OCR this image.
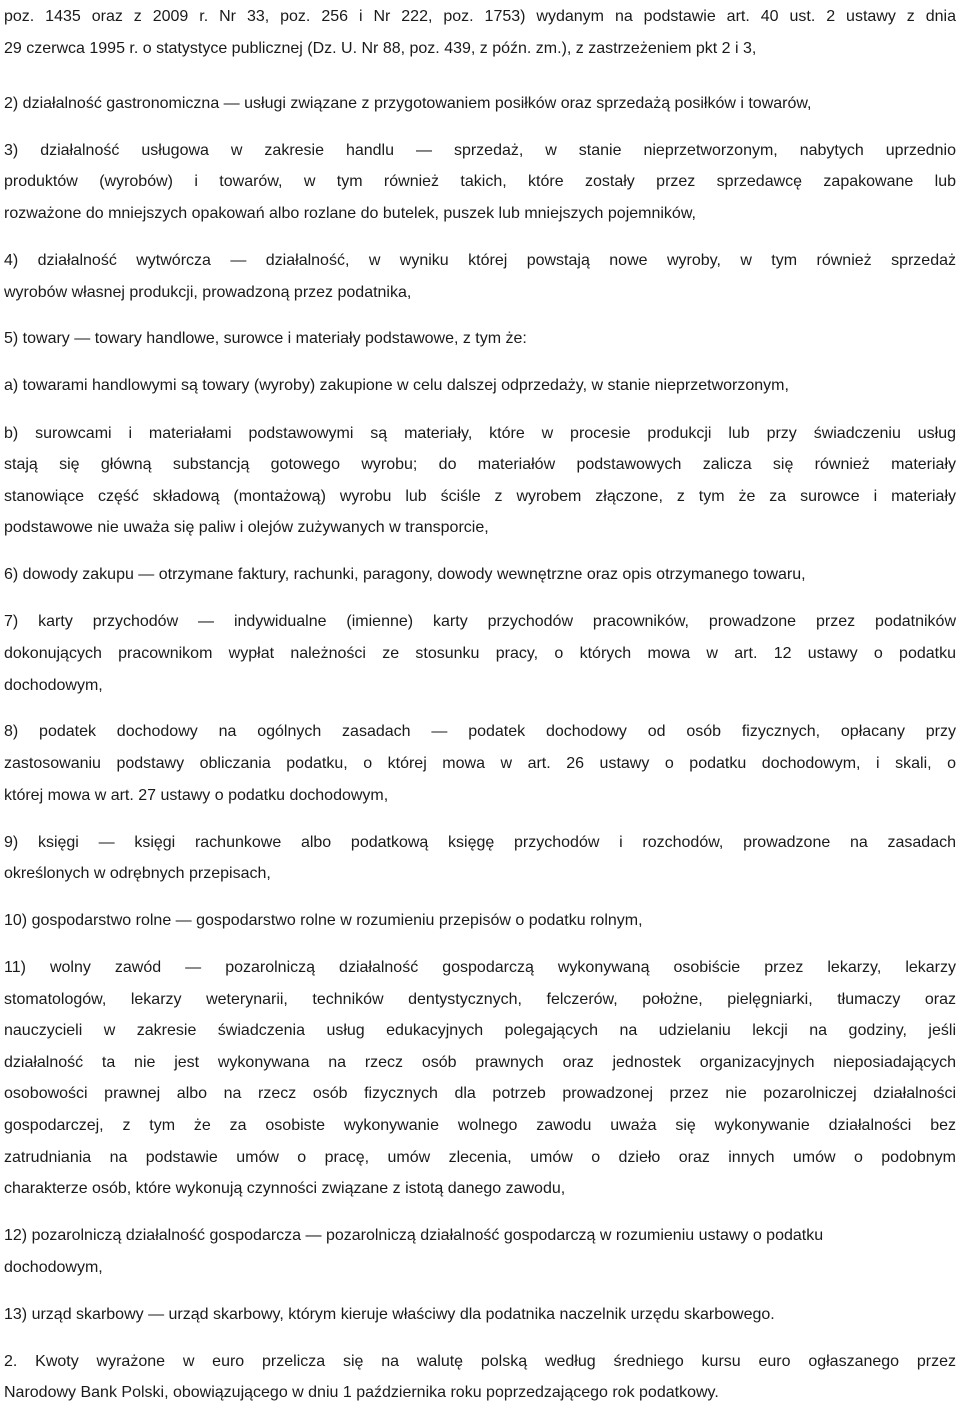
poz. 1435 oraz z 2009 r. Nr 33, poz. 256 i Nr 222, poz. 1753) wydanym na podstawie art. 40 ust. 2 ustawy z dnia
29 czerwca 1995 r. o statystyce publicznej (Dz. U. Nr 88, poz. 439, z późn. zm.), z zastrzeżeniem pkt 2 i 3,
2) działalność gastronomiczna — usługi związane z przygotowaniem posiłków oraz sprzedażą posiłków i towarów,
3) działalność usługowa w zakresie handlu — sprzedaż, w stanie nieprzetworzonym, nabytych uprzednio
produktów (wyrobów) i towarów, w tym również takich, które zostały przez sprzedawcę zapakowane lub
rozważone do mniejszych opakowań albo rozlane do butelek, puszek lub mniejszych pojemników,
4) działalność wytwórcza — działalność, w wyniku której powstają nowe wyroby, w tym również sprzedaż
wyrobów własnej produkcji, prowadzoną przez podatnika,
5) towary — towary handlowe, surowce i materiały podstawowe, z tym że:
a) towarami handlowymi są towary (wyroby) zakupione w celu dalszej odprzedaży, w stanie nieprzetworzonym,
b) surowcami i materiałami podstawowymi są materiały, które w procesie produkcji lub przy świadczeniu usług
stają się główną substancją gotowego wyrobu; do materiałów podstawowych zalicza się również materiały
stanowiące część składową (montażową) wyrobu lub ściśle z wyrobem złączone, z tym że za surowce i materiały
podstawowe nie uważa się paliw i olejów zużywanych w transporcie,
6) dowody zakupu — otrzymane faktury, rachunki, paragony, dowody wewnętrzne oraz opis otrzymanego towaru,
7) karty przychodów — indywidualne (imienne) karty przychodów pracowników, prowadzone przez podatników
dokonujących pracownikom wypłat należności ze stosunku pracy, o których mowa w art. 12 ustawy o podatku
dochodowym,
8) podatek dochodowy na ogólnych zasadach — podatek dochodowy od osób fizycznych, opłacany przy
zastosowaniu podstawy obliczania podatku, o której mowa w art. 26 ustawy o podatku dochodowym, i skali, o
której mowa w art. 27 ustawy o podatku dochodowym,
9) księgi — księgi rachunkowe albo podatkową księgę przychodów i rozchodów, prowadzone na zasadach
określonych w odrębnych przepisach,
10) gospodarstwo rolne — gospodarstwo rolne w rozumieniu przepisów o podatku rolnym,
11) wolny zawód — pozarolniczą działalność gospodarczą wykonywaną osobiście przez lekarzy, lekarzy
stomatologów, lekarzy weterynarii, techników dentystycznych, felczerów, położne, pielęgniarki, tłumaczy oraz
nauczycieli w zakresie świadczenia usług edukacyjnych polegających na udzielaniu lekcji na godziny, jeśli
działalność ta nie jest wykonywana na rzecz osób prawnych oraz jednostek organizacyjnych nieposiadających
osobowości prawnej albo na rzecz osób fizycznych dla potrzeb prowadzonej przez nie pozarolniczej działalności
gospodarczej, z tym że za osobiste wykonywanie wolnego zawodu uważa się wykonywanie działalności bez
zatrudniania na podstawie umów o pracę, umów zlecenia, umów o dzieło oraz innych umów o podobnym
charakterze osób, które wykonują czynności związane z istotą danego zawodu,
12) pozarolniczą działalność gospodarcza — pozarolniczą działalność gospodarczą w rozumieniu ustawy o podatku
dochodowym,
13) urząd skarbowy — urząd skarbowy, którym kieruje właściwy dla podatnika naczelnik urzędu skarbowego.
2. Kwoty wyrażone w euro przelicza się na walutę polską według średniego kursu euro ogłaszanego przez
Narodowy Bank Polski, obowiązującego w dniu 1 października roku poprzedzającego rok podatkowy.
